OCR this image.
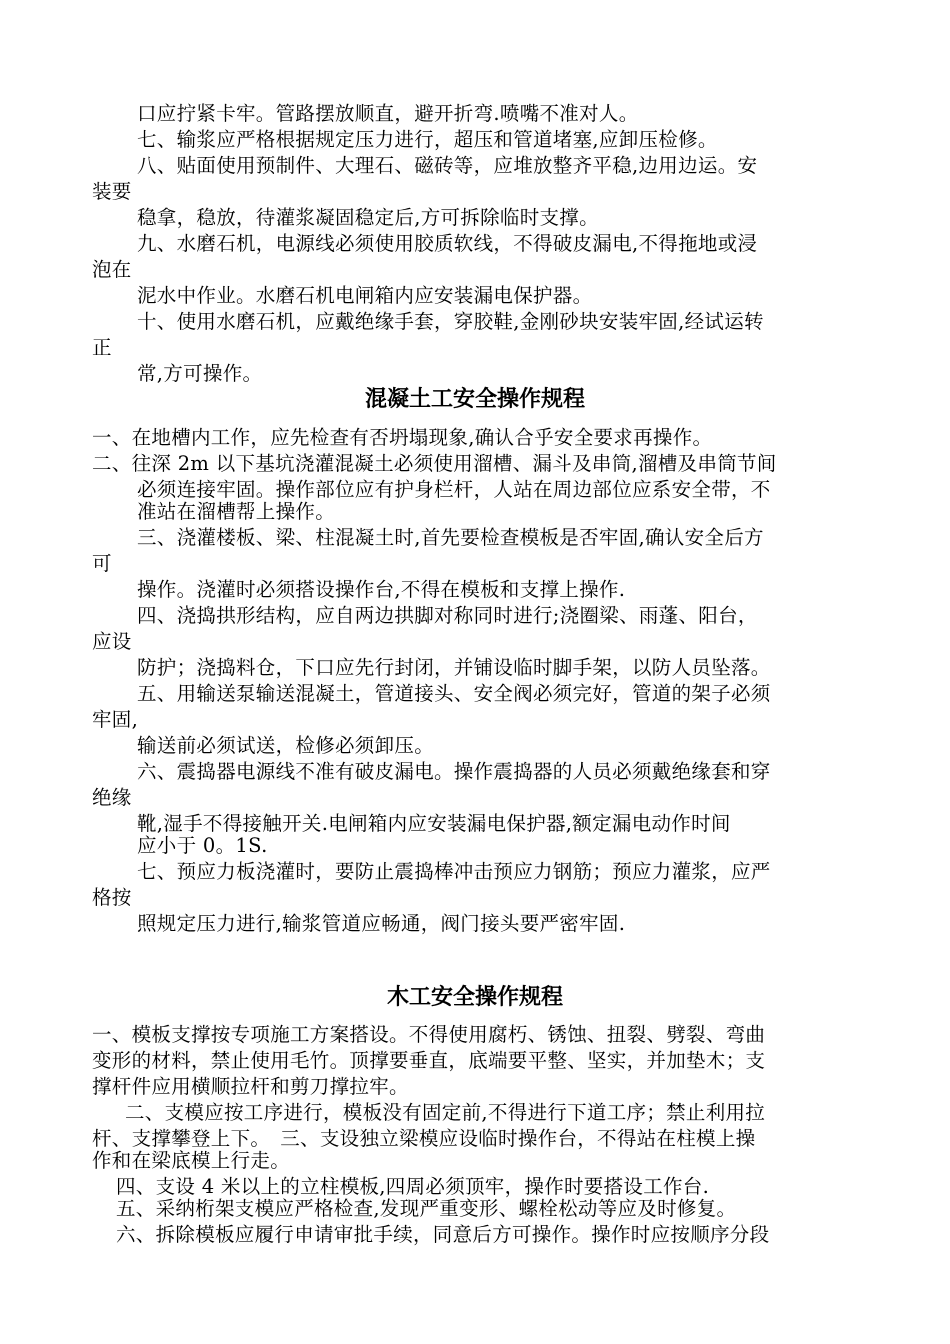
口应拧紧卡牢。管路摆放顺直，避开折弯.喷嘴不准对人。
七、输浆应严格根据规定压力进行，超压和管道堵塞,应卸压检修。
八、贴面使用预制件、大理石、磁砖等，应堆放整齐平稳,边用边运。安
装要
稳拿，稳放，待灌浆凝固稳定后,方可拆除临时支撑。
九、水磨石机，电源线必须使用胶质软线，不得破皮漏电,不得拖地或浸
泡在
泥水中作业。水磨石机电闸箱内应安装漏电保护器。
十、使用水磨石机，应戴绝缘手套，穿胶鞋,金刚砂块安装牢固,经试运转
正
常,方可操作。
混凝土工安全操作规程
一、在地槽内工作，应先检查有否坍塌现象,确认合乎安全要求再操作。
二、往深 2m 以下基坑浇灌混凝土必须使用溜槽、漏斗及串筒,溜槽及串筒节间
必须连接牢固。操作部位应有护身栏杆，人站在周边部位应系安全带，不
准站在溜槽帮上操作。
三、浇灌楼板、梁、柱混凝土时,首先要检查模板是否牢固,确认安全后方
可
操作。浇灌时必须搭设操作台,不得在模板和支撑上操作.
四、浇捣拱形结构，应自两边拱脚对称同时进行;浇圈梁、雨蓬、阳台，
应设
防护；浇捣料仓，下口应先行封闭，并铺设临时脚手架，以防人员坠落。
五、用输送泵输送混凝土，管道接头、安全阀必须完好，管道的架子必须
牢固,
输送前必须试送，检修必须卸压。
六、震捣器电源线不准有破皮漏电。操作震捣器的人员必须戴绝缘套和穿
绝缘
靴,湿手不得接触开关.电闸箱内应安装漏电保护器,额定漏电动作时间
应小于 0。1S.
七、预应力板浇灌时，要防止震捣棒冲击预应力钢筋；预应力灌浆，应严
格按
照规定压力进行,输浆管道应畅通，阀门接头要严密牢固.
木工安全操作规程
一、模板支撑按专项施工方案搭设。不得使用腐朽、锈蚀、扭裂、劈裂、弯曲
变形的材料，禁止使用毛竹。顶撑要垂直，底端要平整、坚实，并加垫木；支
撑杆件应用横顺拉杆和剪刀撑拉牢。
二、支模应按工序进行，模板没有固定前,不得进行下道工序；禁止利用拉
杆、支撑攀登上下。　三、支设独立梁模应设临时操作台，不得站在柱模上操
作和在梁底模上行走。
四、支设 4 米以上的立柱模板,四周必须顶牢，操作时要搭设工作台.
五、采纳桁架支模应严格检查,发现严重变形、螺栓松动等应及时修复。
六、拆除模板应履行申请审批手续，同意后方可操作。操作时应按顺序分段
